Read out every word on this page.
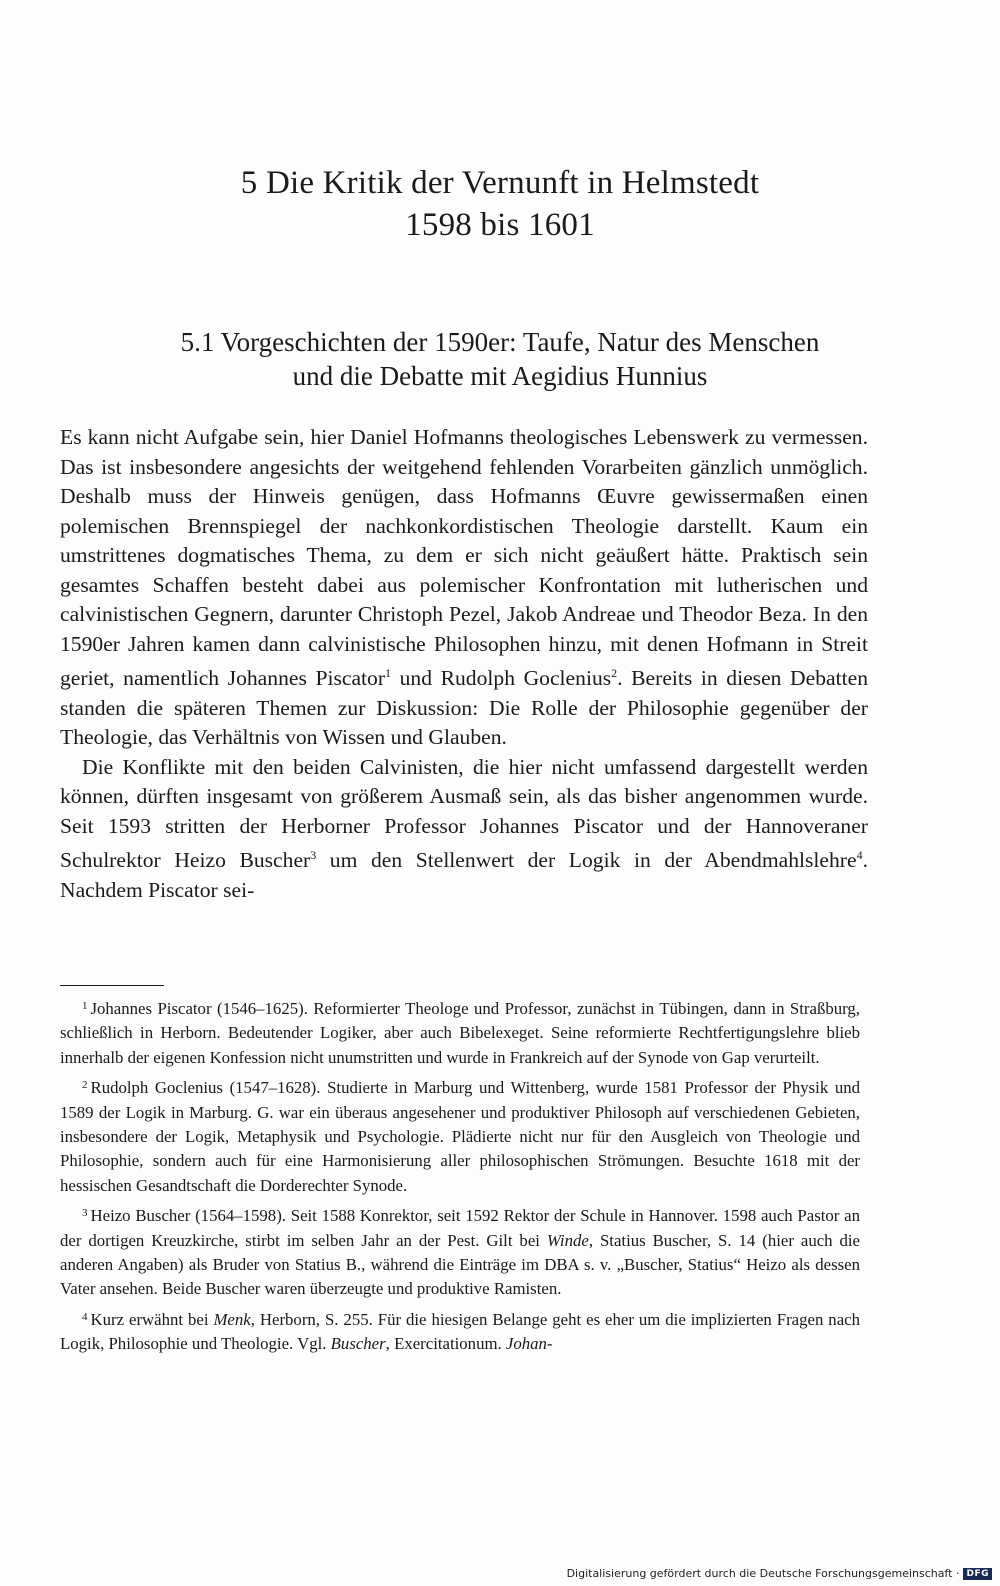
5 Die Kritik der Vernunft in Helmstedt
1598 bis 1601
5.1 Vorgeschichten der 1590er: Taufe, Natur des Menschen
und die Debatte mit Aegidius Hunnius

Es kann nicht Aufgabe sein, hier Daniel Hofmanns theologisches Lebenswerk zu vermessen. Das ist insbesondere angesichts der weitgehend fehlenden Vorarbeiten gänzlich unmöglich. Deshalb muss der Hinweis genügen, dass Hofmanns Œuvre gewissermaßen einen polemischen Brennspiegel der nachkonkordistischen Theologie darstellt. Kaum ein umstrittenes dogmatisches Thema, zu dem er sich nicht geäußert hätte. Praktisch sein gesamtes Schaffen besteht dabei aus polemischer Konfrontation mit lutherischen und calvinistischen Gegnern, darunter Christoph Pezel, Jakob Andreae und Theodor Beza. In den 1590er Jahren kamen dann calvinistische Philosophen hinzu, mit denen Hofmann in Streit geriet, namentlich Johannes Piscator$^1$ und Rudolph Goclenius$^2$. Bereits in diesen Debatten standen die späteren Themen zur Diskussion: Die Rolle der Philosophie gegenüber der Theologie, das Verhältnis von Wissen und Glauben.

Die Konflikte mit den beiden Calvinisten, die hier nicht umfassend dargestellt werden können, dürften insgesamt von größerem Ausmaß sein, als das bisher angenommen wurde. Seit 1593 stritten der Herborner Professor Johannes Piscator und der Hannoveraner Schulrektor Heizo Buscher$^3$ um den Stellenwert der Logik in der Abendmahlslehre$^4$. Nachdem Piscator sei-

$^1$ Johannes Piscator (1546–1625). Reformierter Theologe und Professor, zunächst in Tübingen, dann in Straßburg, schließlich in Herborn. Bedeutender Logiker, aber auch Bibelexeget. Seine reformierte Rechtfertigungslehre blieb innerhalb der eigenen Konfession nicht unumstritten und wurde in Frankreich auf der Synode von Gap verurteilt.

$^2$ Rudolph Goclenius (1547–1628). Studierte in Marburg und Wittenberg, wurde 1581 Professor der Physik und 1589 der Logik in Marburg. G. war ein überaus angesehener und produktiver Philosoph auf verschiedenen Gebieten, insbesondere der Logik, Metaphysik und Psychologie. Plädierte nicht nur für den Ausgleich von Theologie und Philosophie, sondern auch für eine Harmonisierung aller philosophischen Strömungen. Besuchte 1618 mit der hessischen Gesandtschaft die Dorderechter Synode.

$^3$ Heizo Buscher (1564–1598). Seit 1588 Konrektor, seit 1592 Rektor der Schule in Hannover. 1598 auch Pastor an der dortigen Kreuzkirche, stirbt im selben Jahr an der Pest. Gilt bei Winde, Statius Buscher, S. 14 (hier auch die anderen Angaben) als Bruder von Statius B., während die Einträge im DBA s. v. „Buscher, Statius“ Heizo als dessen Vater ansehen. Beide Buscher waren überzeugte und produktive Ramisten.

$^4$ Kurz erwähnt bei Menk, Herborn, S. 255. Für die hiesigen Belange geht es eher um die implizierten Fragen nach Logik, Philosophie und Theologie. Vgl. Buscher, Exercitationum. Johan-

Digitalisierung gefördert durch die Deutsche Forschungsgemeinschaft · DFG
